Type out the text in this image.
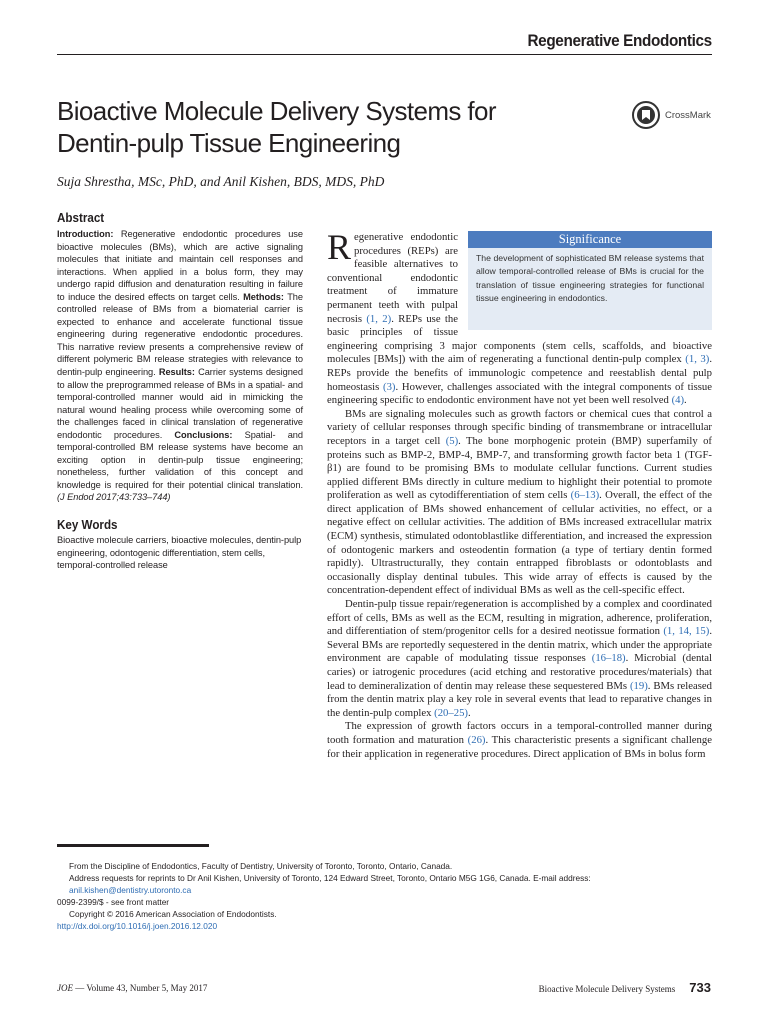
Regenerative Endodontics
Bioactive Molecule Delivery Systems for Dentin-pulp Tissue Engineering
CrossMark
Suja Shrestha, MSc, PhD, and Anil Kishen, BDS, MDS, PhD
Abstract

Introduction: Regenerative endodontic procedures use bioactive molecules (BMs), which are active signaling molecules that initiate and maintain cell responses and interactions. When applied in a bolus form, they may undergo rapid diffusion and denaturation resulting in failure to induce the desired effects on target cells. Methods: The controlled release of BMs from a biomaterial carrier is expected to enhance and accelerate functional tissue engineering during regenerative endodontic procedures. This narrative review presents a comprehensive review of different polymeric BM release strategies with relevance to dentin-pulp engineering. Results: Carrier systems designed to allow the preprogrammed release of BMs in a spatial- and temporal-controlled manner would aid in mimicking the natural wound healing process while overcoming some of the challenges faced in clinical translation of regenerative endodontic procedures. Conclusions: Spatial- and temporal-controlled BM release systems have become an exciting option in dentin-pulp tissue engineering; nonetheless, further validation of this concept and knowledge is required for their potential clinical translation. (J Endod 2017;43:733–744)

Key Words

Bioactive molecule carriers, bioactive molecules, dentin-pulp engineering, odontogenic differentiation, stem cells, temporal-controlled release

Significance
The development of sophisticated BM release systems that allow temporal-controlled release of BMs is crucial for the translation of tissue engineering strategies for functional tissue engineering in endodontics.

Regenerative endodontic procedures (REPs) are feasible alternatives to conventional endodontic treatment of immature permanent teeth with pulpal necrosis (1, 2). REPs use the basic principles of tissue engineering comprising 3 major components (stem cells, scaffolds, and bioactive molecules [BMs]) with the aim of regenerating a functional dentin-pulp complex (1, 3). REPs provide the benefits of immunologic competence and reestablish dental pulp homeostasis (3). However, challenges associated with the integral components of tissue engineering specific to endodontic environment have not yet been well resolved (4).

BMs are signaling molecules such as growth factors or chemical cues that control a variety of cellular responses through specific binding of transmembrane or intracellular receptors in a target cell (5). The bone morphogenic protein (BMP) superfamily of proteins such as BMP-2, BMP-4, BMP-7, and transforming growth factor beta 1 (TGF-β1) are found to be promising BMs to modulate cellular functions. Current studies applied different BMs directly in culture medium to highlight their potential to promote proliferation as well as cytodifferentiation of stem cells (6–13). Overall, the effect of the direct application of BMs showed enhancement of cellular activities, no effect, or a negative effect on cellular activities. The addition of BMs increased extracellular matrix (ECM) synthesis, stimulated odontoblastlike differentiation, and increased the expression of odontogenic markers and osteodentin formation (a type of tertiary dentin formed rapidly). Ultrastructurally, they contain entrapped fibroblasts or odontoblasts and occasionally display dentinal tubules. This wide array of effects is caused by the concentration-dependent effect of individual BMs as well as the cell-specific effect.

Dentin-pulp tissue repair/regeneration is accomplished by a complex and coordinated effort of cells, BMs as well as the ECM, resulting in migration, adherence, proliferation, and differentiation of stem/progenitor cells for a desired neotissue formation (1, 14, 15). Several BMs are reportedly sequestered in the dentin matrix, which under the appropriate environment are capable of modulating tissue responses (16–18). Microbial (dental caries) or iatrogenic procedures (acid etching and restorative procedures/materials) that lead to demineralization of dentin may release these sequestered BMs (19). BMs released from the dentin matrix play a key role in several events that lead to reparative changes in the dentin-pulp complex (20–25).

The expression of growth factors occurs in a temporal-controlled manner during tooth formation and maturation (26). This characteristic presents a significant challenge for their application in regenerative procedures. Direct application of BMs in bolus form

From the Discipline of Endodontics, Faculty of Dentistry, University of Toronto, Toronto, Ontario, Canada.
Address requests for reprints to Dr Anil Kishen, University of Toronto, 124 Edward Street, Toronto, Ontario M5G 1G6, Canada. E-mail address: anil.kishen@dentistry.utoronto.ca
0099-2399/$ - see front matter
Copyright © 2016 American Association of Endodontists.
http://dx.doi.org/10.1016/j.joen.2016.12.020
JOE — Volume 43, Number 5, May 2017	Bioactive Molecule Delivery Systems 733
